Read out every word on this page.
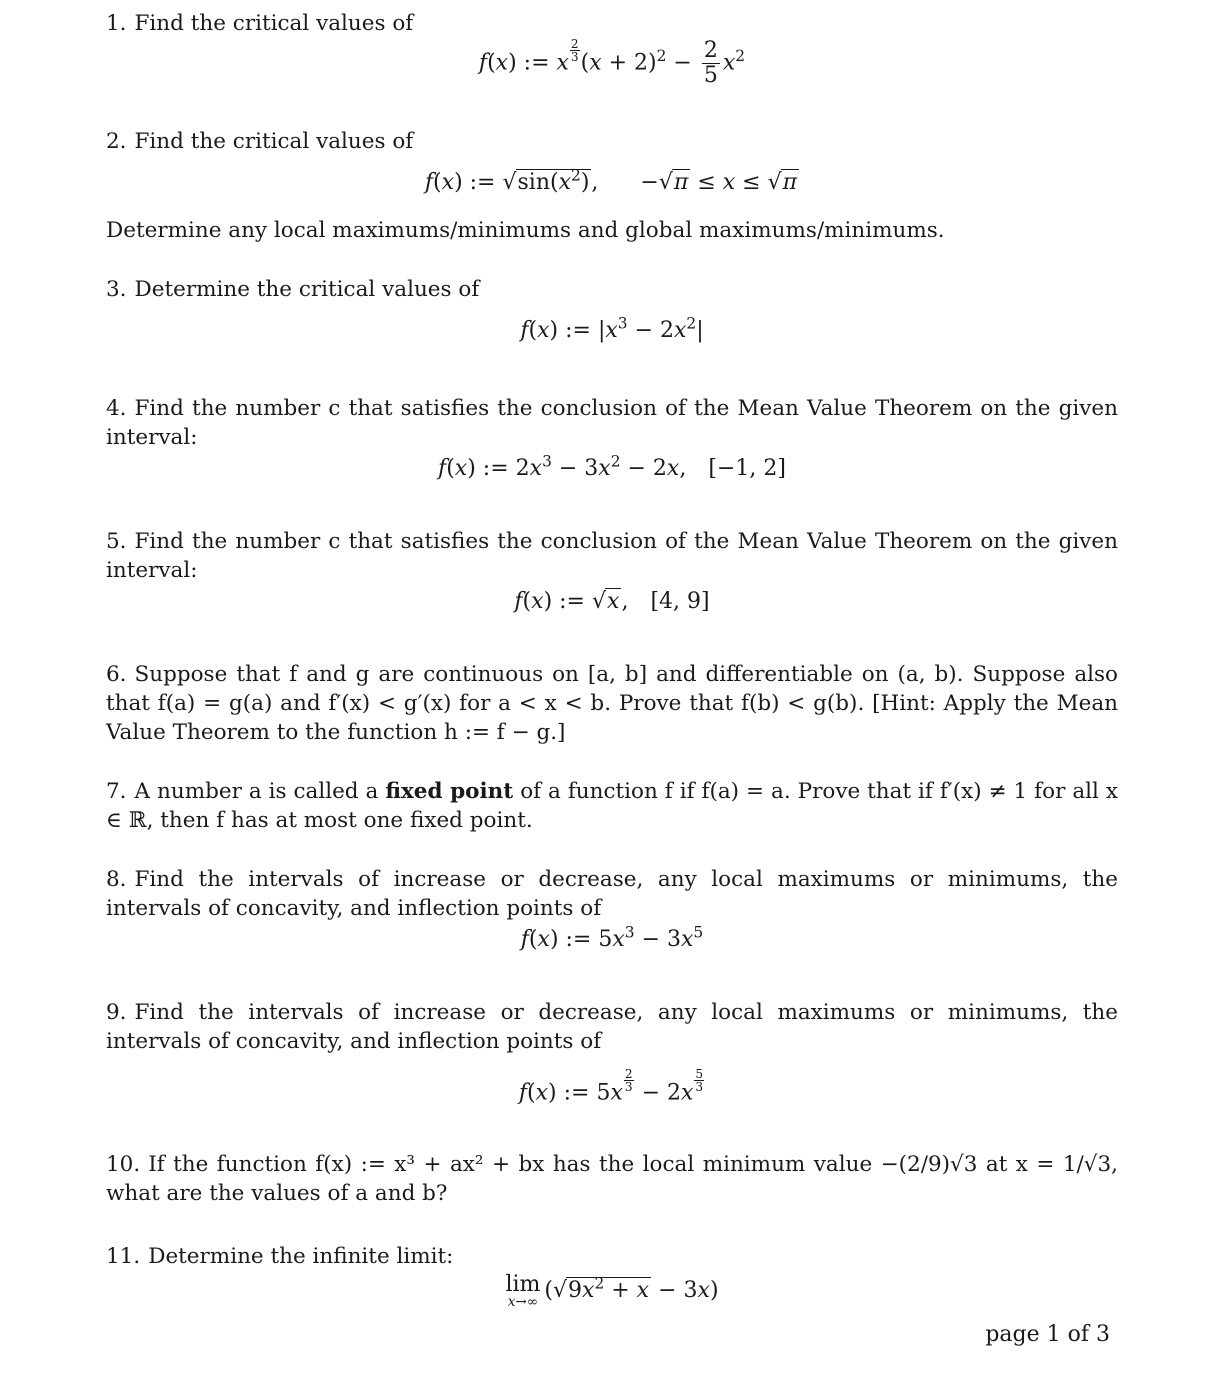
1. Find the critical values of
f(x) := x $\frac{2}{3} (x + 2)^2 - \frac{2}{5} x^2$
2. Find the critical values of
f(x) := $√\sin(x^2)$, −√π ≤ x ≤ √π
Determine any local maximums/minimums and global maximums/minimums.
3. Determine the critical values of
f(x) := $|x^3 - 2x^2|$
4. Find the number c that satisfies the conclusion of the Mean Value Theorem on the given interval:
f(x) := $2x^3 - 3x^2 - 2x$, [−1, 2]
5. Find the number c that satisfies the conclusion of the Mean Value Theorem on the given interval:
f(x) := √x, [4, 9]
6. Suppose that f and g are continuous on [a, b] and differentiable on (a, b). Suppose also that f(a) = g(a) and f′(x) < g′(x) for a < x < b. Prove that f(b) < g(b). [Hint: Apply the Mean Value Theorem to the function h := f − g.]
7. A number a is called a fixed point of a function f if f(a) = a. Prove that if f′(x) ≠ 1 for all x ∈ ℝ, then f has at most one fixed point.
8. Find the intervals of increase or decrease, any local maximums or minimums, the intervals of concavity, and inflection points of
f(x) := $5x^3 - 3x^5$
9. Find the intervals of increase or decrease, any local maximums or minimums, the intervals of concavity, and inflection points of
f(x) := $5x \frac{2}{3} - 2x \frac{5}{3}$
10. If the function f(x) := x³ + ax² + bx has the local minimum value −(2/9)√3 at x = 1/√3, what are the values of a and b?
11. Determine the infinite limit:
lim
x→∞ $(√9x^2 + x - 3x)$
page 1 of 3
